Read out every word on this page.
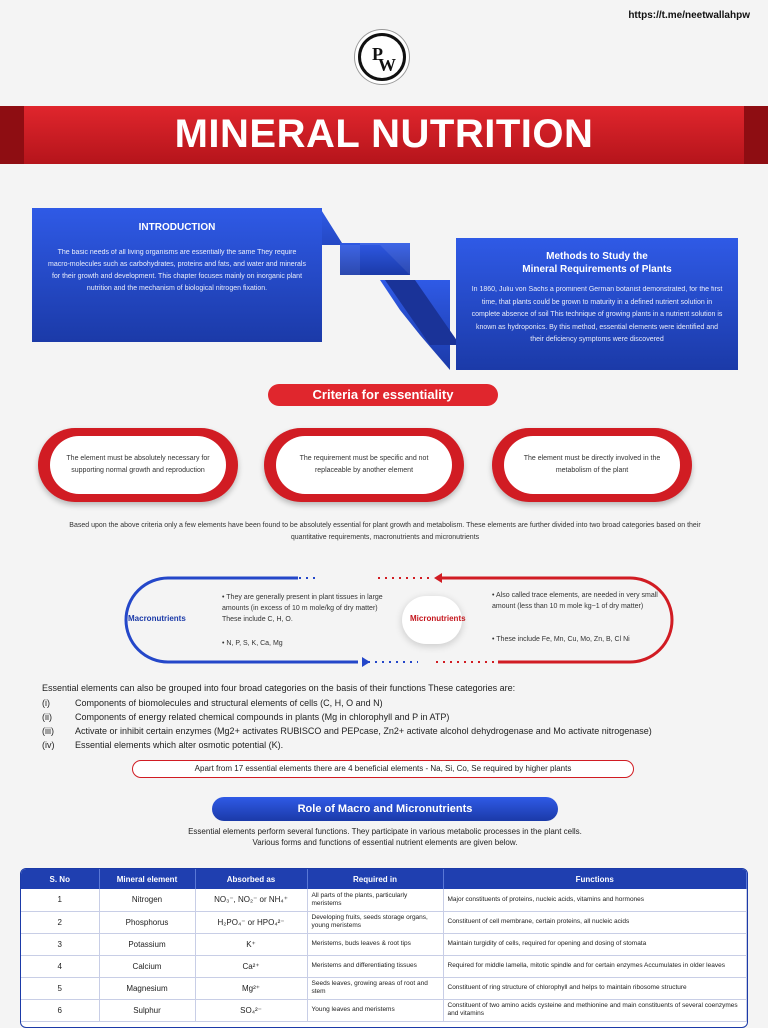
https://t.me/neetwallahpw
P
W
MINERAL NUTRITION
INTRODUCTION

The basic needs of all living organisms are essentially the same They require macro-molecules such as carbohydrates, proteins and fats, and water and minerals for their growth and development. This chapter focuses mainly on inorganic plant nutrition and the mechanism of biological nitrogen fixation.

Methods to Study the
Mineral Requirements of Plants

In 1860, Juliu von Sachs a prominent German botanist demonstrated, for the first time, that plants could be grown to maturity in a defined nutrient solution in complete absence of soil This technique of growing plants in a nutrient solution is known as hydroponics. By this method, essential elements were identified and their deficiency symptoms were discovered

Criteria for essentiality
The element must be absolutely necessary for supporting normal growth and reproduction
The requirement must be specific and not replaceable by another element
The element must be directly involved in the metabolism of the plant
Based upon the above criteria only a few elements have been found to be absolutely essential for plant growth and metabolism. These elements are further divided into two broad categories based on their quantitative requirements, macronutrients and micronutrients
Macronutrients
• They are generally present in plant tissues in large amounts (in excess of 10 m mole/kg of dry matter) These include C, H, O.
• N, P, S, K, Ca, Mg
Micronutrients
• Also called trace elements, are needed in very small amount (less than 10 m mole kg−1 of dry matter)
• These include Fe, Mn, Cu, Mo, Zn, B, Cl Ni
Essential elements can also be grouped into four broad categories on the basis of their functions These categories are:
(i)	Components of biomolecules and structural elements of cells (C, H, O and N)
(ii)	Components of energy related chemical compounds in plants (Mg in chlorophyll and P in ATP)
(iii) Activate or inhibit certain enzymes (Mg2+ activates RUBISCO and PEPcase, Zn2+ activate alcohol dehydrogenase and Mo activate nitrogenase)
(iv) Essential elements which alter osmotic potential (K).
Apart from 17 essential elements there are 4 beneficial elements - Na, Si, Co, Se required by higher plants
Role of Macro and Micronutrients
Essential elements perform several functions. They participate in various metabolic processes in the plant cells.
Various forms and functions of essential nutrient elements are given below.
S. No	Mineral element	Absorbed as	Required in	Functions
1	Nitrogen	NO₃⁻, NO₂⁻ or NH₄⁺	All parts of the plants, particularly meristems	Major constituents of proteins, nucleic acids, vitamins and hormones
2	Phosphorus	H₂PO₄⁻ or HPO₄²⁻	Developing fruits, seeds storage organs, young meristems	Constituent of cell membrane, certain proteins, all nucleic acids
3	Potassium	K⁺	Meristems, buds leaves & root tips	Maintain turgidity of cells, required for opening and dosing of stomata
4	Calcium	Ca²⁺	Meristems and differentiating tissues	Required for middle lamella, mitotic spindle and for certain enzymes Accumulates in older leaves
5	Magnesium	Mg²⁺	Seeds leaves, growing areas of root and stem	Constituent of ring structure of chlorophyll and helps to maintain ribosome structure
6	Sulphur	SO₄²⁻	Young leaves and meristems	Constituent of two amino acids cysteine and methionine and main constituents of several coenzymes and vitamins
